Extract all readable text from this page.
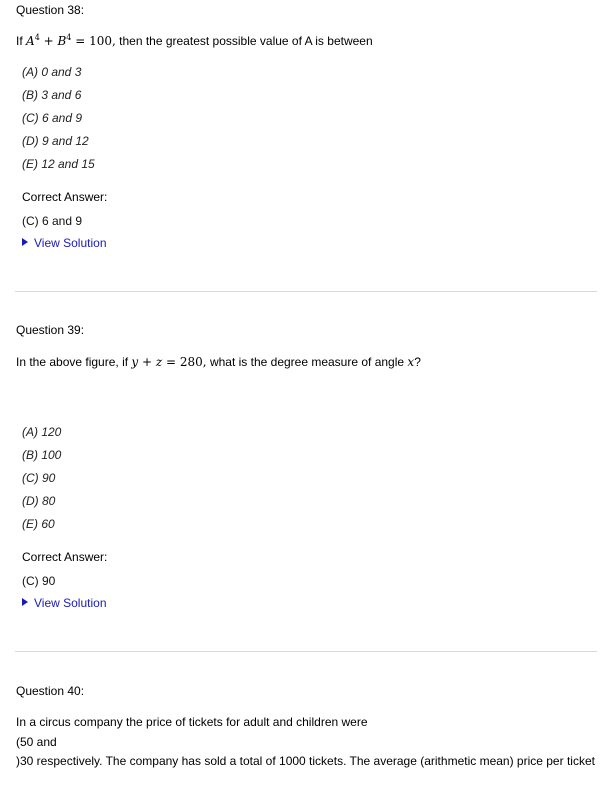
Question 38:
If $A^4 + B^4 = 100$, then the greatest possible value of A is between
(A) 0 and 3
(B) 3 and 6
(C) 6 and 9
(D) 9 and 12
(E) 12 and 15
Correct Answer:
(C) 6 and 9
View Solution
Question 39:
In the above figure, if y + z = 280, what is the degree measure of angle x?
(A) 120
(B) 100
(C) 90
(D) 80
(E) 60
Correct Answer:
(C) 90
View Solution
Question 40:
In a circus company the price of tickets for adult and children were
(50 and
)30 respectively. The company has sold a total of 1000 tickets. The average (arithmetic mean) price per ticket
